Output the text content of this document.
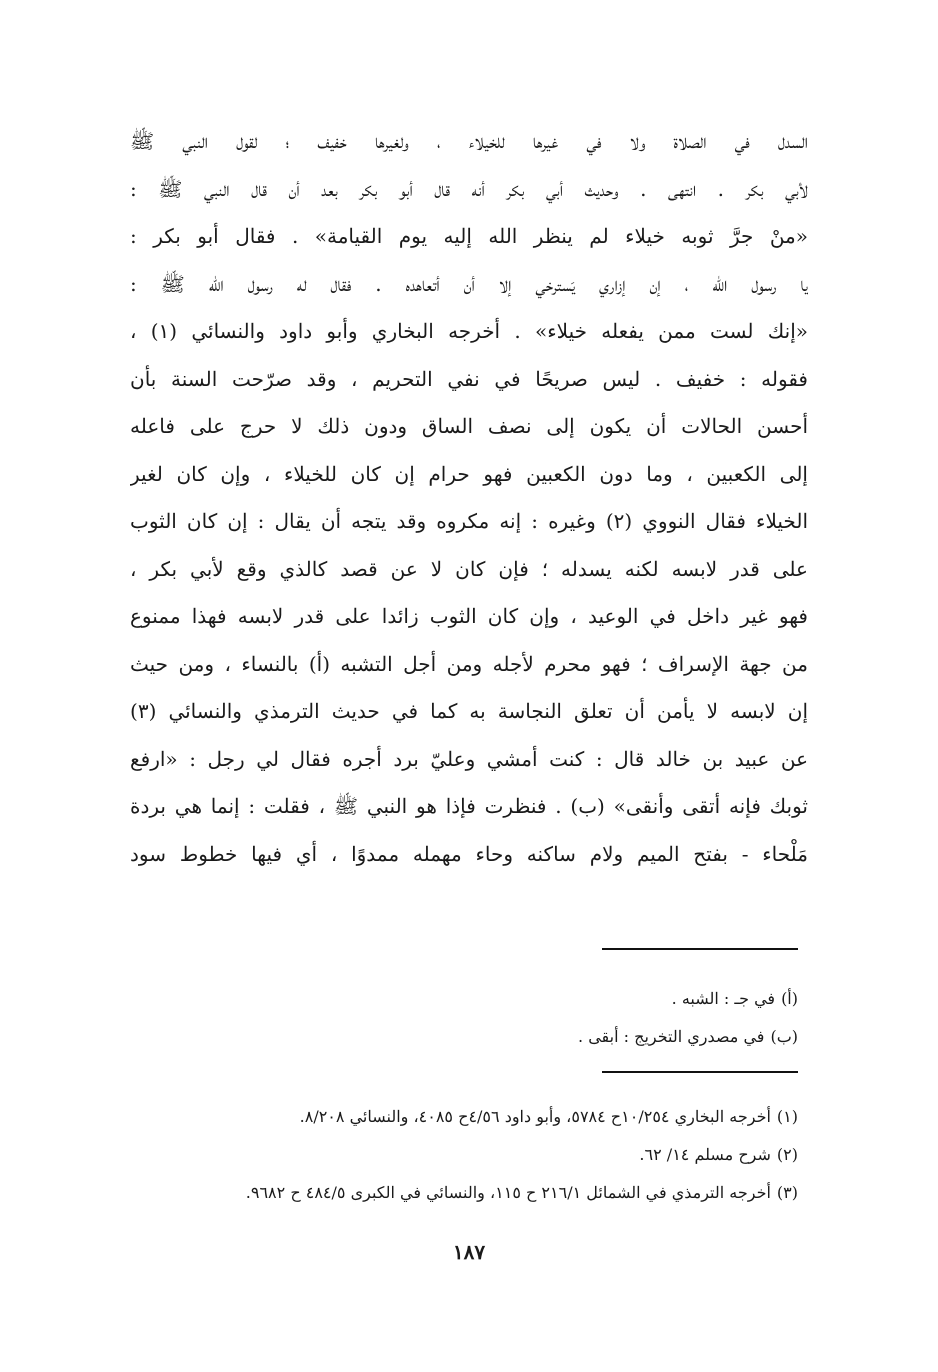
السدل في الصلاة ولا في غيرها للخيلاء ، ولغيرها خفيف ؛ لقول النبي ﷺ
لأبي بكر . انتهى . وحديث أبي بكر أنه قال أبو بكر بعد أن قال النبي ﷺ :
«منْ جرَّ ثوبه خيلاء لم ينظر الله إليه يوم القيامة» . فقال أبو بكر :
يا رسول الله ، إن إزاري يَسترخي إلا أن أتعاهده . فقال له رسول الله ﷺ :
«إنك لست ممن يفعله خيلاء» . أخرجه البخاري وأبو داود والنسائي (١) ،
فقوله : خفيف . ليس صريحًا في نفي التحريم ، وقد صرّحت السنة بأن
أحسن الحالات أن يكون إلى نصف الساق ودون ذلك لا حرج على فاعله
إلى الكعبين ، وما دون الكعبين فهو حرام إن كان للخيلاء ، وإن كان لغير
الخيلاء فقال النووي (٢) وغيره : إنه مكروه وقد يتجه أن يقال : إن كان الثوب
على قدر لابسه لكنه يسدله ؛ فإن كان لا عن قصد كالذي وقع لأبي بكر ،
فهو غير داخل في الوعيد ، وإن كان الثوب زائدا على قدر لابسه فهذا ممنوع
من جهة الإسراف ؛ فهو محرم لأجله ومن أجل التشبه (أ) بالنساء ، ومن حيث
إن لابسه لا يأمن أن تعلق النجاسة به كما في حديث الترمذي والنسائي (٣)
عن عبيد بن خالد قال : كنت أمشي وعليّ برد أجره فقال لي رجل : «ارفع
ثوبك فإنه أتقى وأنقى» (ب) . فنظرت فإذا هو النبي ﷺ ، فقلت : إنما هي بردة
مَلْحاء - بفتح الميم ولام ساكنه وحاء مهمله ممدوًا ، أي فيها خطوط سود
(أ)في جـ : الشبه .
(ب)في مصدري التخريج : أبقى .
(١)أخرجه البخاري ١٠/٢٥٤ح ٥٧٨٤، وأبو داود ٤/٥٦ح ٤٠٨٥، والنسائي ٨/٢٠٨.
(٢)شرح مسلم ١٤/ ٦٢.
(٣)أخرجه الترمذي في الشمائل ٢١٦/١ ح ١١٥، والنسائي في الكبرى ٤٨٤/٥ ح ٩٦٨٢.
١٨٧
